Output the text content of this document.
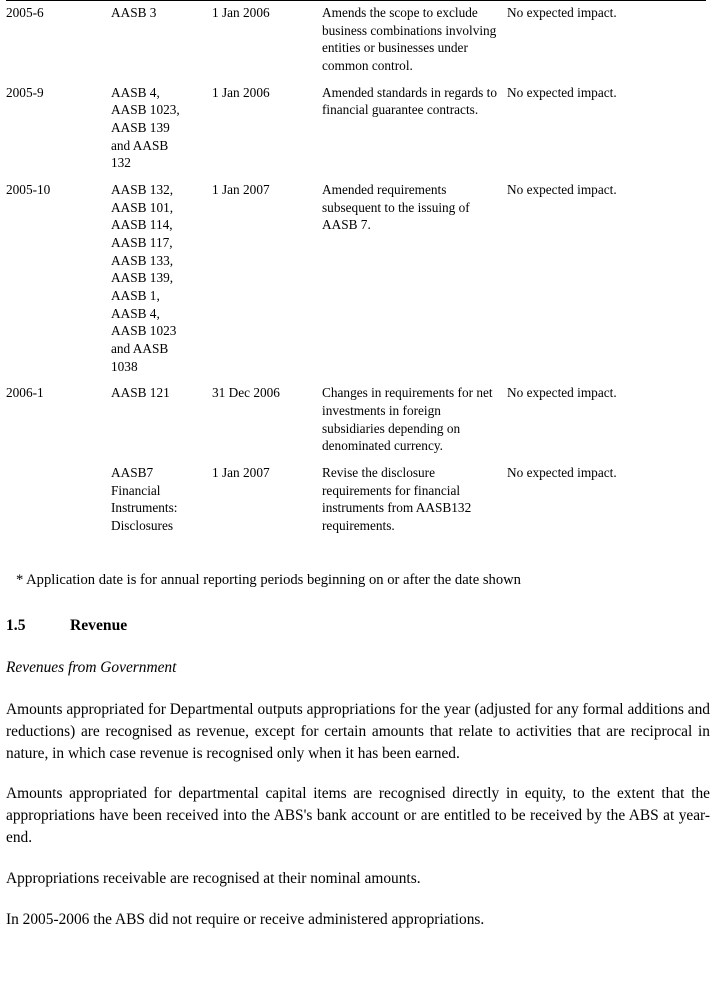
2005-6	AASB 3	1 Jan 2006	Amends the scope to exclude business combinations involving entities or businesses under common control.	No expected impact.
2005-9	AASB 4,
AASB 1023,
AASB 139
and AASB
132	1 Jan 2006	Amended standards in regards to financial guarantee contracts.	No expected impact.
2005-10	AASB 132,
AASB 101,
AASB 114,
AASB 117,
AASB 133,
AASB 139,
AASB 1,
AASB 4,
AASB 1023
and AASB
1038
	1 Jan 2007	Amended requirements subsequent to the issuing of AASB 7.	No expected impact.
2006-1	AASB 121	31 Dec 2006	Changes in requirements for net investments in foreign subsidiaries depending on denominated currency.	No expected impact.

	AASB7
Financial
Instruments:
Disclosures	1 Jan 2007	Revise the disclosure requirements for financial instruments from AASB132 requirements.	No expected impact.
* Application date is for annual reporting periods beginning on or after the date shown
1.5	Revenue
Revenues from Government

Amounts appropriated for Departmental outputs appropriations for the year (adjusted for any formal additions and reductions) are recognised as revenue, except for certain amounts that relate to activities that are reciprocal in nature, in which case revenue is recognised only when it has been earned.

Amounts appropriated for departmental capital items are recognised directly in equity, to the extent that the appropriations have been received into the ABS's bank account or are entitled to be received by the ABS at year-end.

Appropriations receivable are recognised at their nominal amounts.

In 2005-2006 the ABS did not require or receive administered appropriations.
